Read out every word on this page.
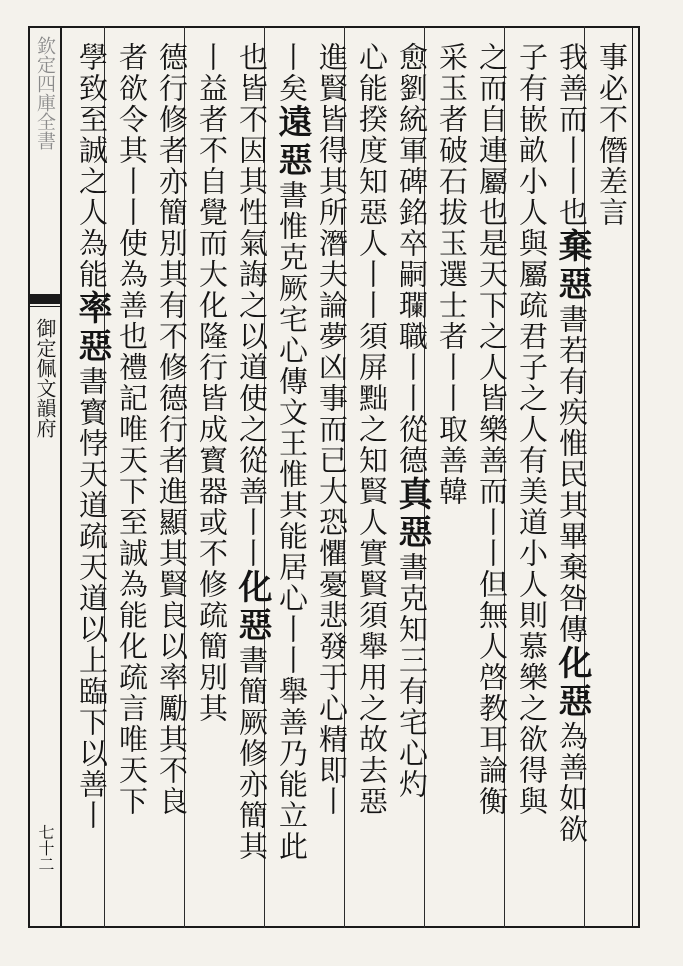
欽定四庫全書
御定佩文韻府
七十二
事必不僭差言
我善而丨丨也棄惡書若有疾惟民其畢棄咎傳化惡為善如欲
子有嵌畝小人與屬疏君子之人有美道小人則慕樂之欲得與
之而自連屬也是天下之人皆樂善而丨丨但無人啓教耳論衡
采玉者破石拔玉選士者丨丨取善韓
愈劉統軍碑銘卒嗣瓓職丨丨從德真惡書克知三有宅心灼
心能揆度知惡人丨丨須屏黜之知賢人實賢須舉用之故去惡
進賢皆得其所潛夫論夢凶事而已大恐懼憂悲發于心精即丨
丨矣遠惡書惟克厥宅心傳文王惟其能居心丨丨舉善乃能立此
也皆不因其性氣誨之以道使之從善丨丨化惡書簡厥修亦簡其
丨益者不自覺而大化隆行皆成寳器或不修疏簡別其
德行修者亦簡別其有不修德行者進顯其賢良以率勵其不良
者欲令其丨丨使為善也禮記唯天下至誠為能化疏言唯天下
學致至誠之人為能率惡書寳悖天道疏天道以上臨下以善丨
